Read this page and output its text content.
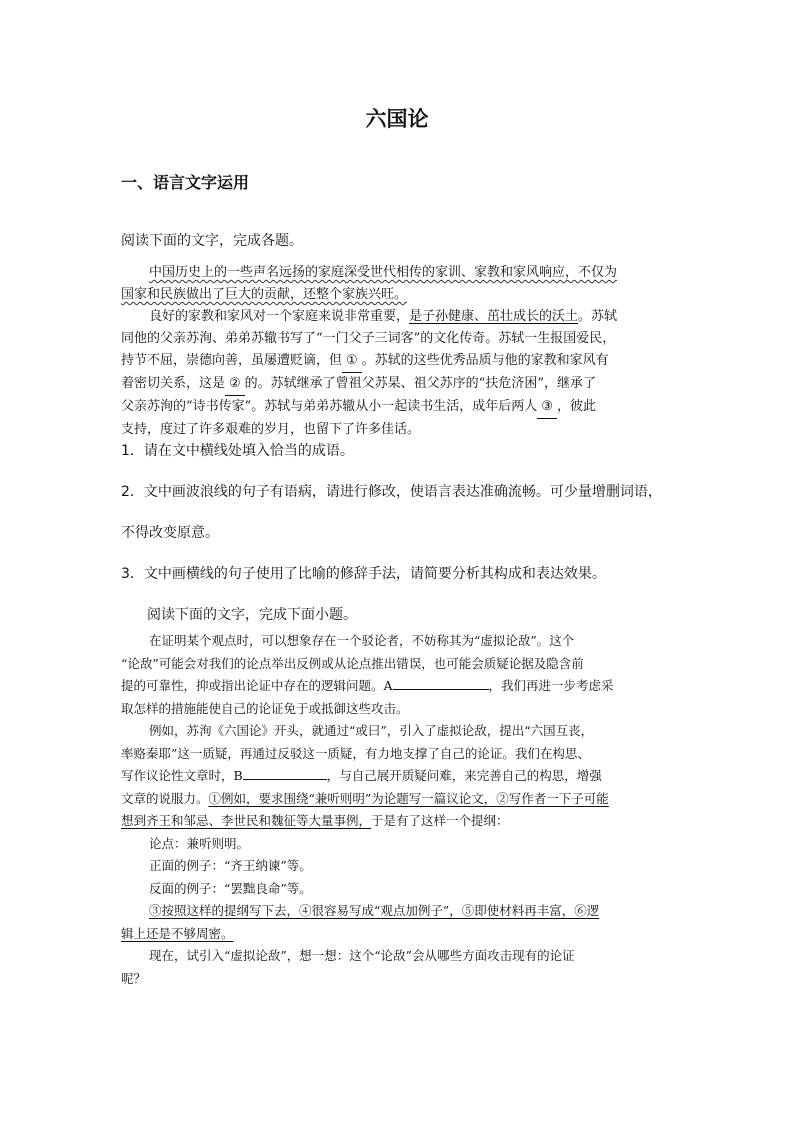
六国论
一、语言文字运用
阅读下面的文字，完成各题。
中国历史上的一些声名远扬的家庭深受世代相传的家训、家教和家风响应，不仅为
国家和民族做出了巨大的贡献，还整个家族兴旺。
良好的家教和家风对一个家庭来说非常重要，是子孙健康、茁壮成长的沃土。苏轼
同他的父亲苏洵、弟弟苏辙书写了“一门父子三词客”的文化传奇。苏轼一生报国爱民，
持节不屈，崇德向善，虽屡遭贬谪，但 ① 。苏轼的这些优秀品质与他的家教和家风有
着密切关系，这是 ② 的。苏轼继承了曾祖父苏杲、祖父苏序的“扶危济困”，继承了
父亲苏洵的“诗书传家”。苏轼与弟弟苏辙从小一起读书生活，成年后两人 ③ ，彼此
支持，度过了许多艰难的岁月，也留下了许多佳话。
1．请在文中横线处填入恰当的成语。
2．文中画波浪线的句子有语病，请进行修改，使语言表达准确流畅。可少量增删词语，
不得改变原意。
3．文中画横线的句子使用了比喻的修辞手法，请简要分析其构成和表达效果。
阅读下面的文字，完成下面小题。
在证明某个观点时，可以想象存在一个驳论者，不妨称其为“虚拟论敌”。这个
“论敌”可能会对我们的论点举出反例或从论点推出错误，也可能会质疑论据及隐含前
提的可靠性，抑或指出论证中存在的逻辑问题。A	，我们再进一步考虑采
取怎样的措施能使自己的论证免于或抵御这些攻击。
例如，苏洵《六国论》开头，就通过“或曰”，引入了虚拟论敌，提出“六国互丧，
率赂秦耶”这一质疑，再通过反驳这一质疑，有力地支撑了自己的论证。我们在构思、
写作议论性文章时，B	，与自己展开质疑问难，来完善自己的构思，增强
文章的说服力。①例如，要求围绕“兼听则明”为论题写一篇议论文，②写作者一下子可能
想到齐王和邹忌、李世民和魏征等大量事例，于是有了这样一个提纲：
论点：兼听则明。
正面的例子：“齐王纳谏”等。
反面的例子：“罢黜良命”等。
③按照这样的提纲写下去，④很容易写成“观点加例子”，⑤即使材料再丰富，⑥逻
辑上还是不够周密。
现在，试引入“虚拟论敌”，想一想：这个“论敌”会从哪些方面攻击现有的论证
呢？
